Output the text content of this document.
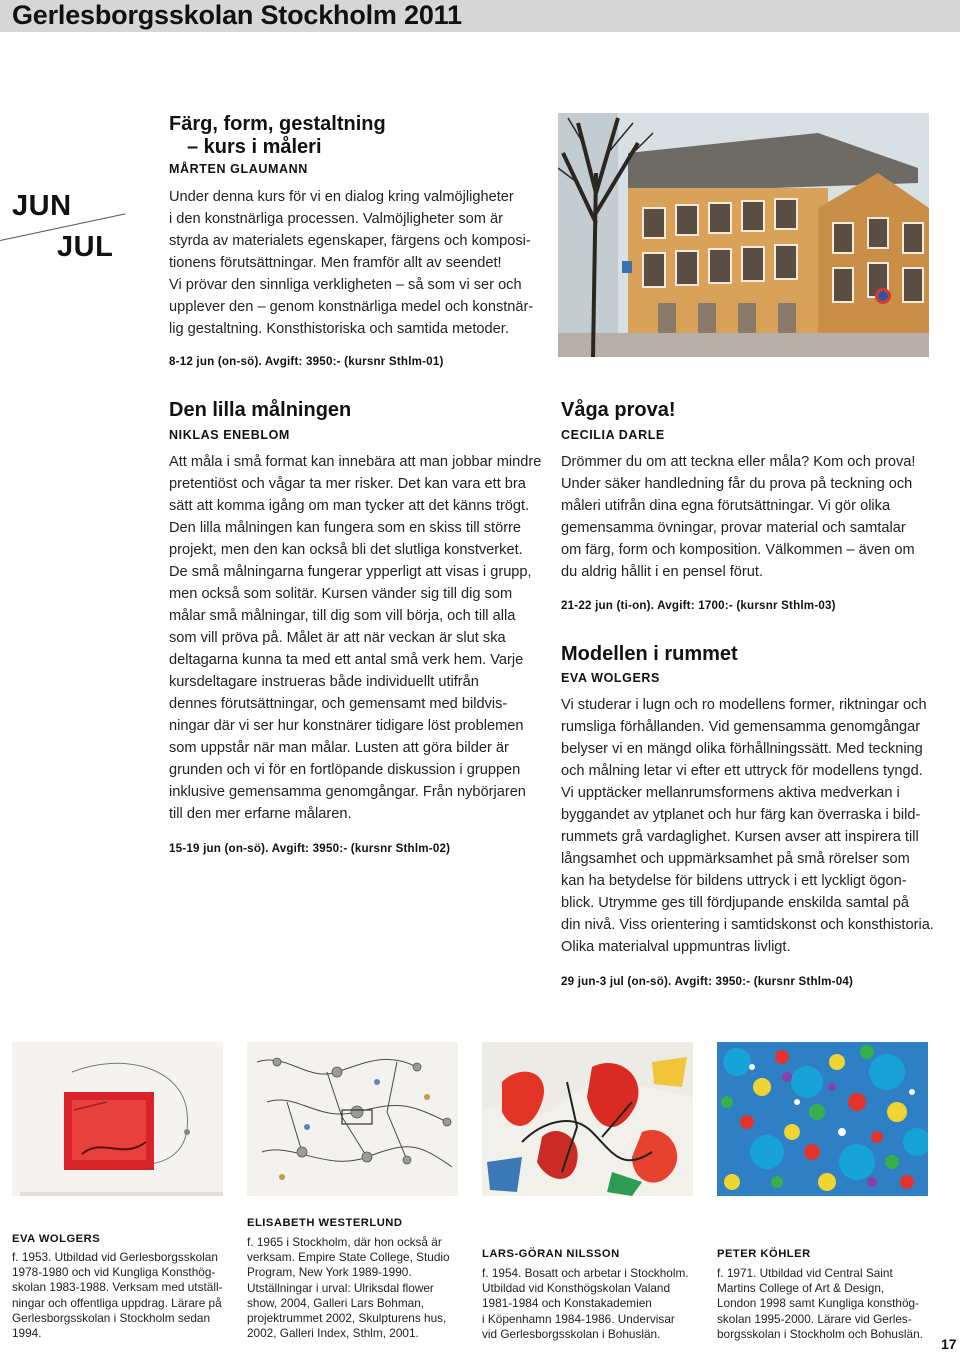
Gerlesborgsskolan Stockholm 2011
JUN
JUL
Färg, form, gestaltning
– kurs i måleri
MÅRTEN GLAUMANN

Under denna kurs för vi en dialog kring valmöjligheter

i den konstnärliga processen. Valmöjligheter som är

styrda av materialets egenskaper, färgens och komposi-

tionens förutsättningar. Men framför allt av seendet!

Vi prövar den sinnliga verkligheten – så som vi ser och

upplever den – genom konstnärliga medel och konstnär-

lig gestaltning. Konsthistoriska och samtida metoder.

8-12 jun (on-sö). Avgift: 3950:- (kursnr Sthlm-01)
Den lilla målningen
NIKLAS ENEBLOM

Att måla i små format kan innebära att man jobbar mindre

pretentiöst och vågar ta mer risker. Det kan vara ett bra

sätt att komma igång om man tycker att det känns trögt.

Den lilla målningen kan fungera som en skiss till större

projekt, men den kan också bli det slutliga konstverket.

De små målningarna fungerar ypperligt att visas i grupp,

men också som solitär. Kursen vänder sig till dig som

målar små målningar, till dig som vill börja, och till alla

som vill pröva på. Målet är att när veckan är slut ska

deltagarna kunna ta med ett antal små verk hem. Varje

kursdeltagare instrueras både individuellt utifrån

dennes förutsättningar, och gemensamt med bildvis-

ningar där vi ser hur konstnärer tidigare löst problemen

som uppstår när man målar. Lusten att göra bilder är

grunden och vi för en fortlöpande diskussion i gruppen

inklusive gemensamma genomgångar. Från nybörjaren

till den mer erfarne målaren.

15-19 jun (on-sö). Avgift: 3950:- (kursnr Sthlm-02)
Våga prova!
CECILIA DARLE

Drömmer du om att teckna eller måla? Kom och prova!

Under säker handledning får du prova på teckning och

måleri utifrån dina egna förutsättningar. Vi gör olika

gemensamma övningar, provar material och samtalar

om färg, form och komposition. Välkommen – även om

du aldrig hållit i en pensel förut.

21-22 jun (ti-on). Avgift: 1700:- (kursnr Sthlm-03)
Modellen i rummet
EVA WOLGERS

Vi studerar i lugn och ro modellens former, riktningar och

rumsliga förhållanden. Vid gemensamma genomgångar

belyser vi en mängd olika förhållningssätt. Med teckning

och målning letar vi efter ett uttryck för modellens tyngd.

Vi upptäcker mellanrumsformens aktiva medverkan i

byggandet av ytplanet och hur färg kan överraska i bild-

rummets grå vardaglighet. Kursen avser att inspirera till

långsamhet och uppmärksamhet på små rörelser som

kan ha betydelse för bildens uttryck i ett lyckligt ögon-

blick. Utrymme ges till fördjupande enskilda samtal på

din nivå. Viss orientering i samtidskonst och konsthistoria.

Olika materialval uppmuntras livligt.

29 jun-3 jul (on-sö). Avgift: 3950:- (kursnr Sthlm-04)
EVA WOLGERS

f. 1953. Utbildad vid Gerlesborgsskolan

1978-1980 och vid Kungliga Konsthög-

skolan 1983-1988. Verksam med utställ-

ningar och offentliga uppdrag. Lärare på

Gerlesborgsskolan i Stockholm sedan

1994.

ELISABETH WESTERLUND

f. 1965 i Stockholm, där hon också är

verksam. Empire State College, Studio

Program, New York 1989-1990.

Utställningar i urval: Ulriksdal flower

show, 2004, Galleri Lars Bohman,

projektrummet 2002, Skulpturens hus,

2002, Galleri Index, Sthlm, 2001.

LARS-GÖRAN NILSSON

f. 1954. Bosatt och arbetar i Stockholm.

Utbildad vid Konsthögskolan Valand

1981-1984 och Konstakademien

i Köpenhamn 1984-1986. Undervisar

vid Gerlesborgsskolan i Bohuslän.

PETER KÖHLER

f. 1971. Utbildad vid Central Saint

Martins College of Art & Design,

London 1998 samt Kungliga konsthög-

skolan 1995-2000. Lärare vid Gerles-

borgsskolan i Stockholm och Bohuslän.

17
